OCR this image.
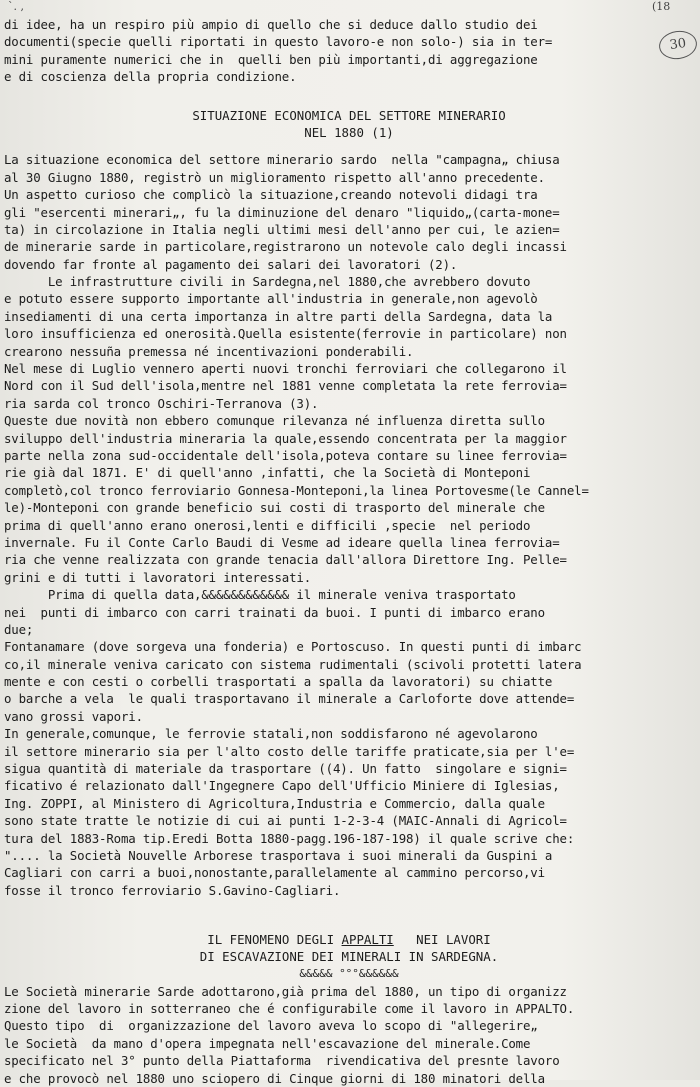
`. ,	(18
30
di idee, ha un respiro più ampio di quello che si deduce dallo studio dei
documenti(specie quelli riportati in questo lavoro-e non solo-) sia in ter=
mini puramente numerici che in  quelli ben più importanti,di aggregazione
e di coscienza della propria condizione.
SITUAZIONE ECONOMICA DEL SETTORE MINERARIO
NEL 1880 (1)
La situazione economica del settore minerario sardo  nella "campagna„ chiusa
al 30 Giugno 1880, registrò un miglioramento rispetto all'anno precedente.
Un aspetto curioso che complicò la situazione,creando notevoli didagi tra
gli "esercenti minerari„, fu la diminuzione del denaro "liquido„(carta-mone=
ta) in circolazione in Italia negli ultimi mesi dell'anno per cui, le azien=
de minerarie sarde in particolare,registrarono un notevole calo degli incassi
dovendo far fronte al pagamento dei salari dei lavoratori (2).
Le infrastrutture civili in Sardegna,nel 1880,che avrebbero dovuto
e potuto essere supporto importante all'industria in generale,non agevolò
insediamenti di una certa importanza in altre parti della Sardegna, data la
loro insufficienza ed onerosità.Quella esistente(ferrovie in particolare) non
crearono nessuña premessa né incentivazioni ponderabili.
Nel mese di Luglio vennero aperti nuovi tronchi ferroviari che collegarono il
Nord con il Sud dell'isola,mentre nel 1881 venne completata la rete ferrovia=
ria sarda col tronco Oschiri-Terranova (3).
Queste due novità non ebbero comunque rilevanza né influenza diretta sullo
sviluppo dell'industria mineraria la quale,essendo concentrata per la maggior
parte nella zona sud-occidentale dell'isola,poteva contare su linee ferrovia=
rie già dal 1871. E' di quell'anno ,infatti, che la Società di Monteponi
completò,col tronco ferroviario Gonnesa-Monteponi,la linea Portovesme(le Cannel=
le)-Monteponi con grande beneficio sui costi di trasporto del minerale che
prima di quell'anno erano onerosi,lenti e difficili ,specie  nel periodo
invernale. Fu il Conte Carlo Baudi di Vesme ad ideare quella linea ferrovia=
ria che venne realizzata con grande tenacia dall'allora Direttore Ing. Pelle=
grini e di tutti i lavoratori interessati.
Prima di quella data,&&&&&&&&&&&& il minerale veniva trasportato
nei  punti di imbarco con carri trainati da buoi. I punti di imbarco erano
due;
Fontanamare (dove sorgeva una fonderia) e Portoscuso. In questi punti di imbarc
co,il minerale veniva caricato con sistema rudimentali (scivoli protetti latera
mente e con cesti o corbelli trasportati a spalla da lavoratori) su chiatte
o barche a vela  le quali trasportavano il minerale a Carloforte dove attende=
vano grossi vapori.
In generale,comunque, le ferrovie statali,non soddisfarono né agevolarono
il settore minerario sia per l'alto costo delle tariffe praticate,sia per l'e=
sigua quantità di materiale da trasportare ((4). Un fatto  singolare e signi=
ficativo é relazionato dall'Ingegnere Capo dell'Ufficio Miniere di Iglesias,
Ing. ZOPPI, al Ministero di Agricoltura,Industria e Commercio, dalla quale
sono state tratte le notizie di cui ai punti 1-2-3-4 (MAIC-Annali di Agricol=
tura del 1883-Roma tip.Eredi Botta 1880-pagg.196-187-198) il quale scrive che:
".... la Società Nouvelle Arborese trasportava i suoi minerali da Guspini a
Cagliari con carri a buoi,nonostante,parallelamente al cammino percorso,vi
fosse il tronco ferroviario S.Gavino-Cagliari.
IL FENOMENO DEGLI APPALTI   NEI LAVORI
DI ESCAVAZIONE DEI MINERALI IN SARDEGNA.
&&&&& °°°&&&&&&
Le Società minerarie Sarde adottarono,già prima del 1880, un tipo di organizz
zione del lavoro in sotterraneo che é configurabile come il lavoro in APPALTO.
Questo tipo  di  organizzazione del lavoro aveva lo scopo di "allegerire„
le Società  da mano d'opera impegnata nell'escavazione del minerale.Come
specificato nel 3° punto della Piattaforma  rivendicativa del presnte lavoro
e che provocò nel 1880 uno sciopero di Cinque giorni di 180 minatori della
